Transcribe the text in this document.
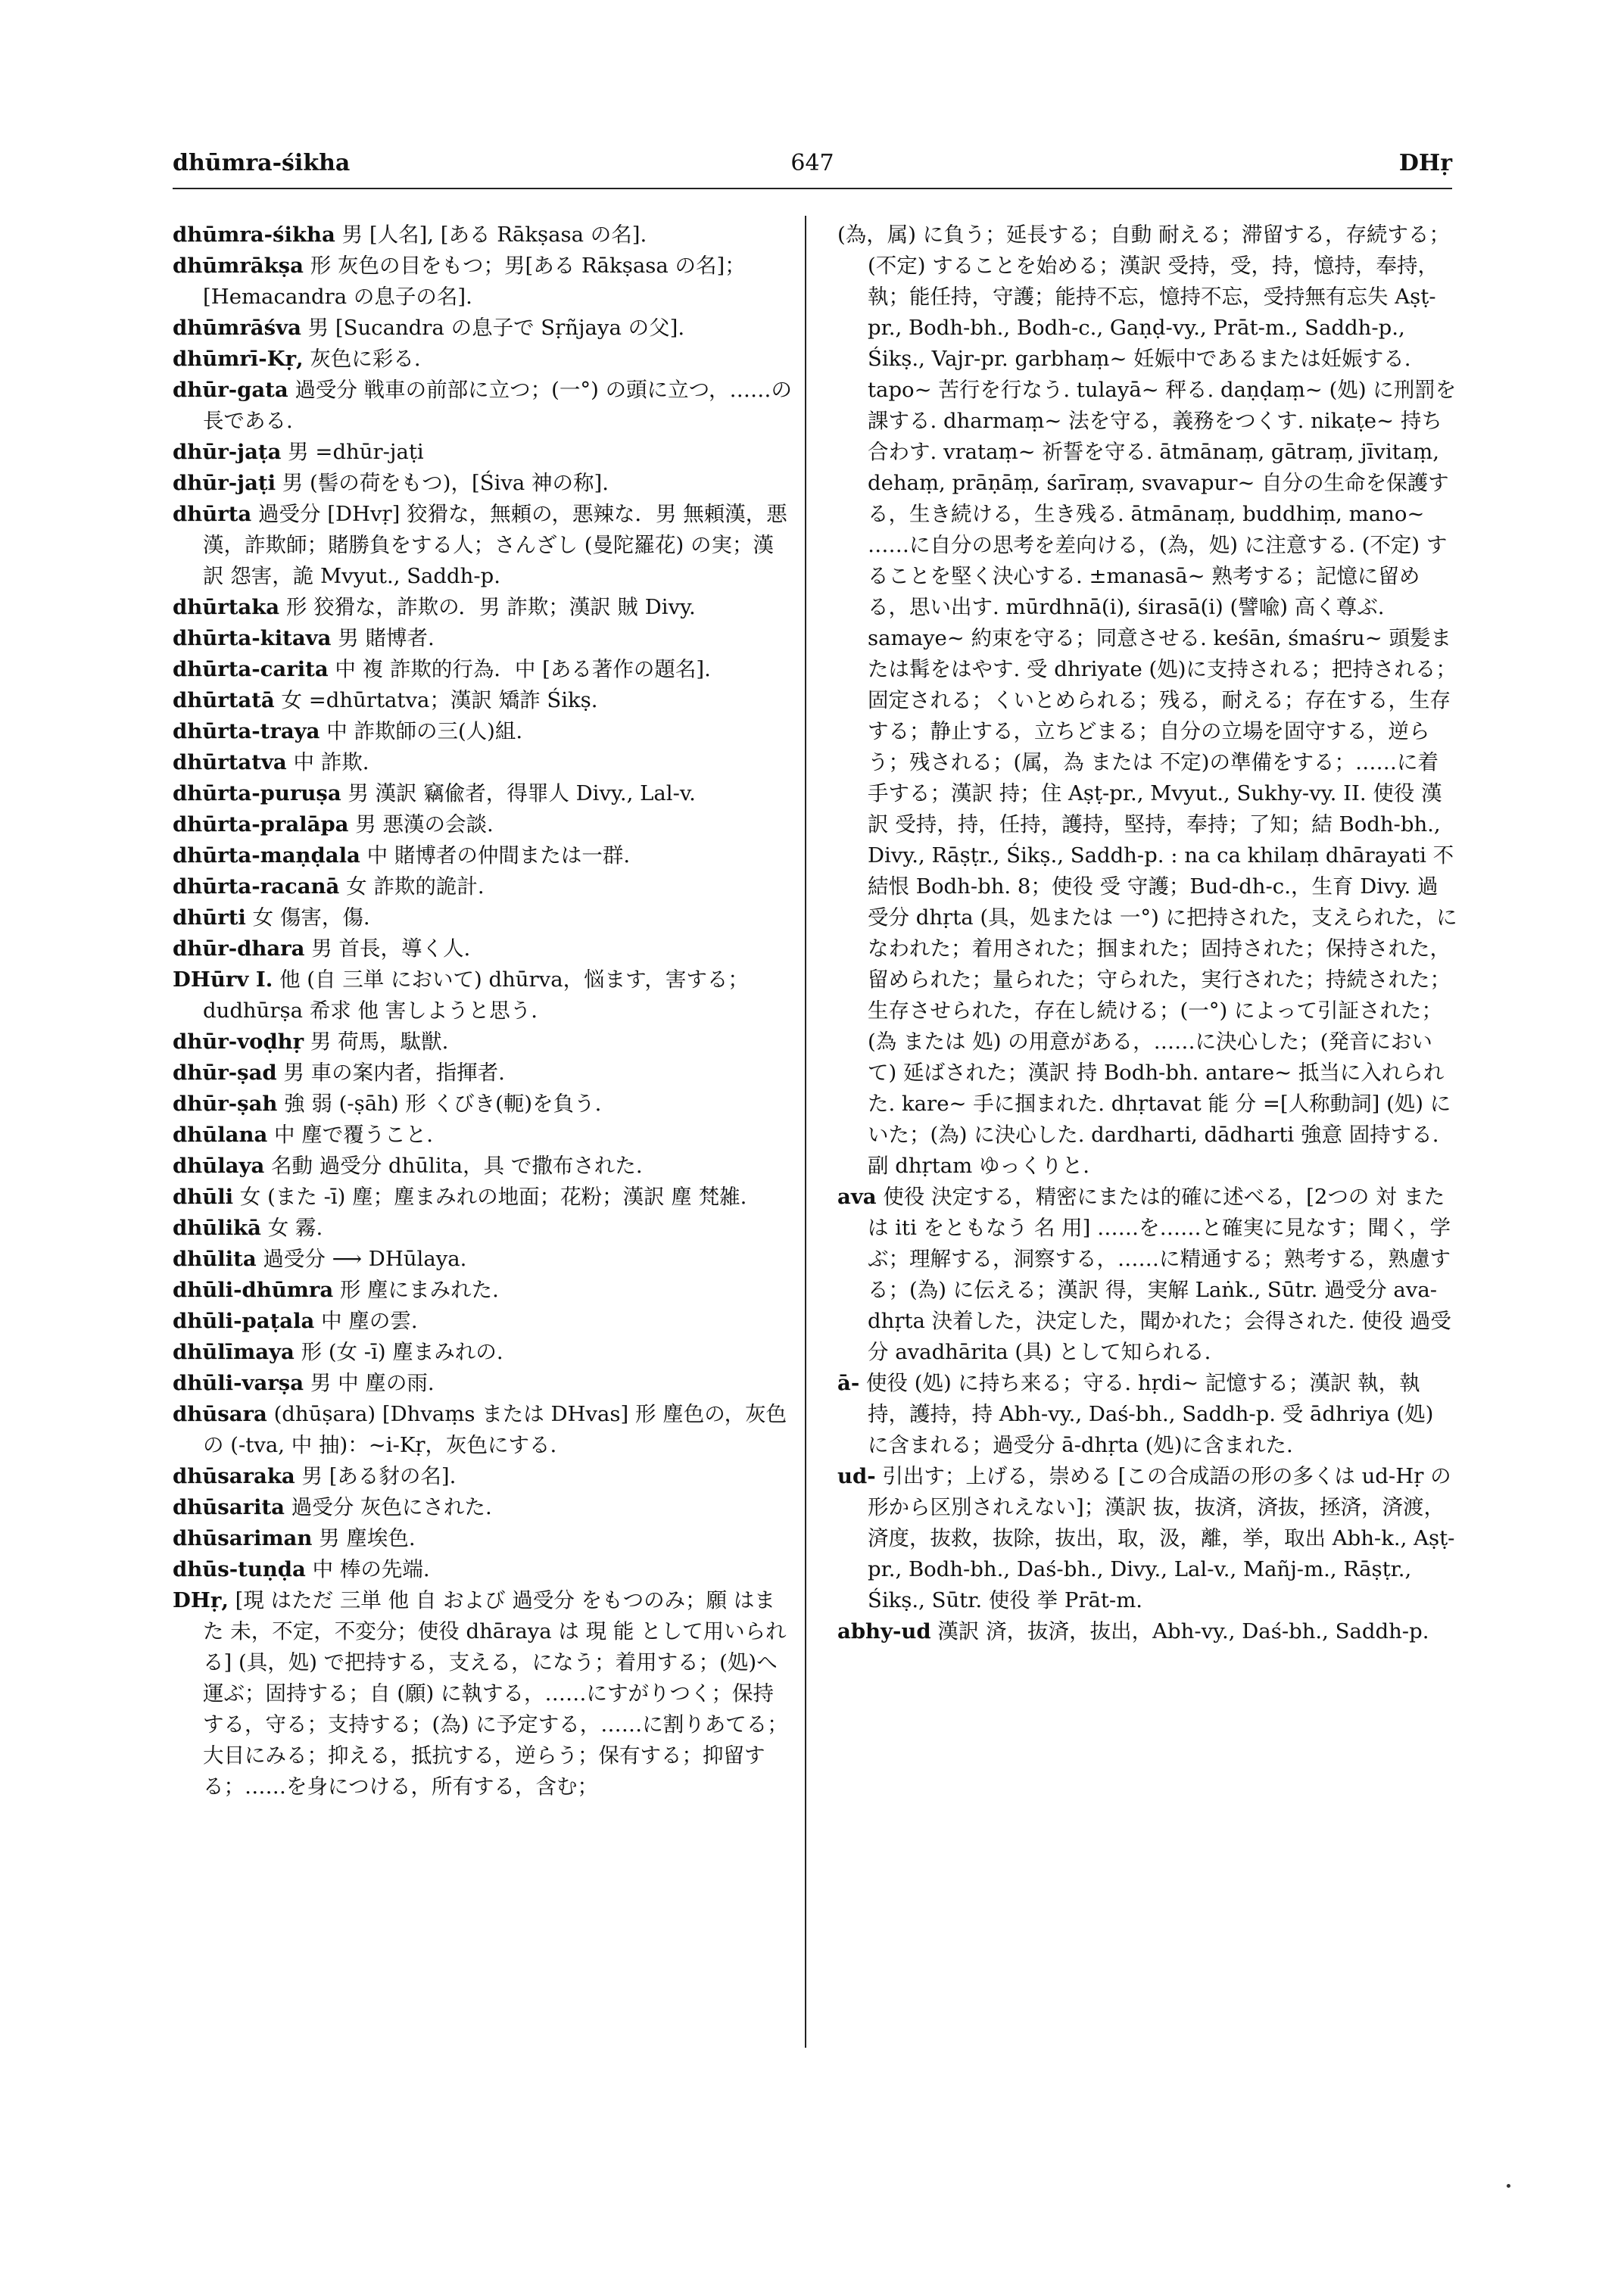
dhūmra-śikha	647	DHṛ

dhūmra-śikha 男 [人名], [ある Rākṣasa の名].

dhūmrākṣa 形 灰色の目をもつ；男[ある Rākṣasa の名]；[Hemacandra の息子の名].

dhūmrāśva 男 [Sucandra の息子で Sṛñjaya の父].

dhūmrī-Kṛ, 灰色に彩る.

dhūr-gata 過受分 戦車の前部に立つ；(一°) の頭に立つ，……の長である.

dhūr-jaṭa 男 =dhūr-jaṭi

dhūr-jaṭi 男 (髻の荷をもつ)，[Śiva 神の称].

dhūrta 過受分 [DHvṛ] 狡猾な，無頼の，悪辣な．男 無頼漢，悪漢，詐欺師；賭勝負をする人；さんざし (曼陀羅花) の実；漢訳 怨害，詭 Mvyut., Saddh-p.

dhūrtaka 形 狡猾な，詐欺の．男 詐欺；漢訳 賊 Divy.

dhūrta-kitava 男 賭博者.

dhūrta-carita 中 複 詐欺的行為．中 [ある著作の題名].

dhūrtatā 女 =dhūrtatva；漢訳 矯詐 Śikṣ.

dhūrta-traya 中 詐欺師の三(人)組.

dhūrtatva 中 詐欺.

dhūrta-puruṣa 男 漢訳 竊偸者，得罪人 Divy., Lal-v.

dhūrta-pralāpa 男 悪漢の会談.

dhūrta-maṇḍala 中 賭博者の仲間または一群.

dhūrta-racanā 女 詐欺的詭計.

dhūrti 女 傷害，傷.

dhūr-dhara 男 首長，導く人.

DHūrv I. 他 (自 三単 において) dhūrva，悩ます，害する；dudhūrṣa 希求 他 害しようと思う.

dhūr-voḍhṛ 男 荷馬，駄獣.

dhūr-ṣad 男 車の案内者，指揮者.

dhūr-ṣah 強 弱 (-ṣāh) 形 くびき(軛)を負う.

dhūlana 中 塵で覆うこと.

dhūlaya 名動 過受分 dhūlita，具 で撒布された.

dhūli 女 (また -ī) 塵；塵まみれの地面；花粉；漢訳 塵 梵雑.

dhūlikā 女 霧.

dhūlita 過受分 ⟶ DHūlaya.

dhūli-dhūmra 形 塵にまみれた.

dhūli-paṭala 中 塵の雲.

dhūlīmaya 形 (女 -ī) 塵まみれの.

dhūli-varṣa 男 中 塵の雨.

dhūsara (dhūṣara) [Dhvaṃs または DHvas] 形 塵色の，灰色の (-tva, 中 抽)：~i-Kṛ，灰色にする.

dhūsaraka 男 [ある豺の名].

dhūsarita 過受分 灰色にされた.

dhūsariman 男 塵埃色.

dhūs-tuṇḍa 中 棒の先端.

DHṛ, [現 はただ 三単 他 自 および 過受分 をもつのみ；願 はまた 未，不定，不変分；使役 dhāraya は 現 能 として用いられる] (具，処) で把持する，支える，になう；着用する；(処)へ運ぶ；固持する；自 (願) に執する，……にすがりつく；保持する，守る；支持する；(為) に予定する，……に割りあてる；大目にみる；抑える，抵抗する，逆らう；保有する；抑留する；……を身につける，所有する，含む；

(為，属) に負う；延長する；自動 耐える；滞留する，存続する；(不定) することを始める；漢訳 受持，受，持，憶持，奉持，執；能任持，守護；能持不忘，憶持不忘，受持無有忘失 Aṣṭ-pr., Bodh-bh., Bodh-c., Gaṇḍ-vy., Prāt-m., Saddh-p., Śikṣ., Vajr-pr. garbhaṃ~ 妊娠中であるまたは妊娠する. tapo~ 苦行を行なう. tulayā~ 秤る. daṇḍaṃ~ (処) に刑罰を課する. dharmaṃ~ 法を守る，義務をつくす. nikaṭe~ 持ち合わす. vrataṃ~ 祈誓を守る. ātmānaṃ, gātraṃ, jīvitaṃ, dehaṃ, prāṇāṃ, śarīraṃ, svavapur~ 自分の生命を保護する，生き続ける，生き残る. ātmānaṃ, buddhiṃ, mano~ ……に自分の思考を差向ける，(為，処) に注意する. (不定) することを堅く決心する. ±manasā~ 熟考する；記憶に留める，思い出す. mūrdhnā(i), śirasā(i) (譬喩) 高く尊ぶ. samaye~ 約束を守る；同意させる. keśān, śmaśru~ 頭髪または髯をはやす. 受 dhriyate (処)に支持される；把持される；固定される；くいとめられる；残る，耐える；存在する，生存する；静止する，立ちどまる；自分の立場を固守する，逆らう；残される；(属，為 または 不定)の準備をする；……に着手する；漢訳 持；住 Aṣṭ-pr., Mvyut., Sukhy-vy. II. 使役 漢訳 受持，持，任持，護持，堅持，奉持；了知；結 Bodh-bh., Divy., Rāṣṭr., Śikṣ., Saddh-p. : na ca khilaṃ dhārayati 不結恨 Bodh-bh. 8；使役 受 守護；Bud-dh-c.，生育 Divy. 過受分 dhṛta (具，処または 一°) に把持された，支えられた，になわれた；着用された；掴まれた；固持された；保持された，留められた；量られた；守られた，実行された；持続された；生存させられた，存在し続ける；(一°) によって引証された；(為 または 処) の用意がある，……に決心した；(発音において) 延ばされた；漢訳 持 Bodh-bh. antare~ 抵当に入れられた. kare~ 手に掴まれた. dhṛtavat 能 分 =[人称動詞] (処) にいた；(為) に決心した. dardharti, dādharti 強意 固持する. 副 dhṛtam ゆっくりと.

ava 使役 決定する，精密にまたは的確に述べる，[2つの 対 または iti をともなう 名 用] ……を……と確実に見なす；聞く，学ぶ；理解する，洞察する，……に精通する；熟考する，熟慮する；(為) に伝える；漢訳 得，実解 Laṅk., Sūtr. 過受分 ava-dhṛta 決着した，決定した，聞かれた；会得された. 使役 過受分 avadhārita (具) として知られる.

ā- 使役 (処) に持ち来る；守る. hṛdi~ 記憶する；漢訳 執，執持，護持，持 Abh-vy., Daś-bh., Saddh-p. 受 ādhriya (処) に含まれる；過受分 ā-dhṛta (処)に含まれた.

ud- 引出す；上げる，崇める [この合成語の形の多くは ud-Hṛ の形から区別されえない]；漢訳 抜，抜済，済抜，拯済，済渡，済度，抜救，抜除，抜出，取，汲，離，挙，取出 Abh-k., Aṣṭ-pr., Bodh-bh., Daś-bh., Divy., Lal-v., Mañj-m., Rāṣṭr., Śikṣ., Sūtr. 使役 挙 Prāt-m.

abhy-ud 漢訳 済，抜済，抜出，Abh-vy., Daś-bh., Saddh-p.
